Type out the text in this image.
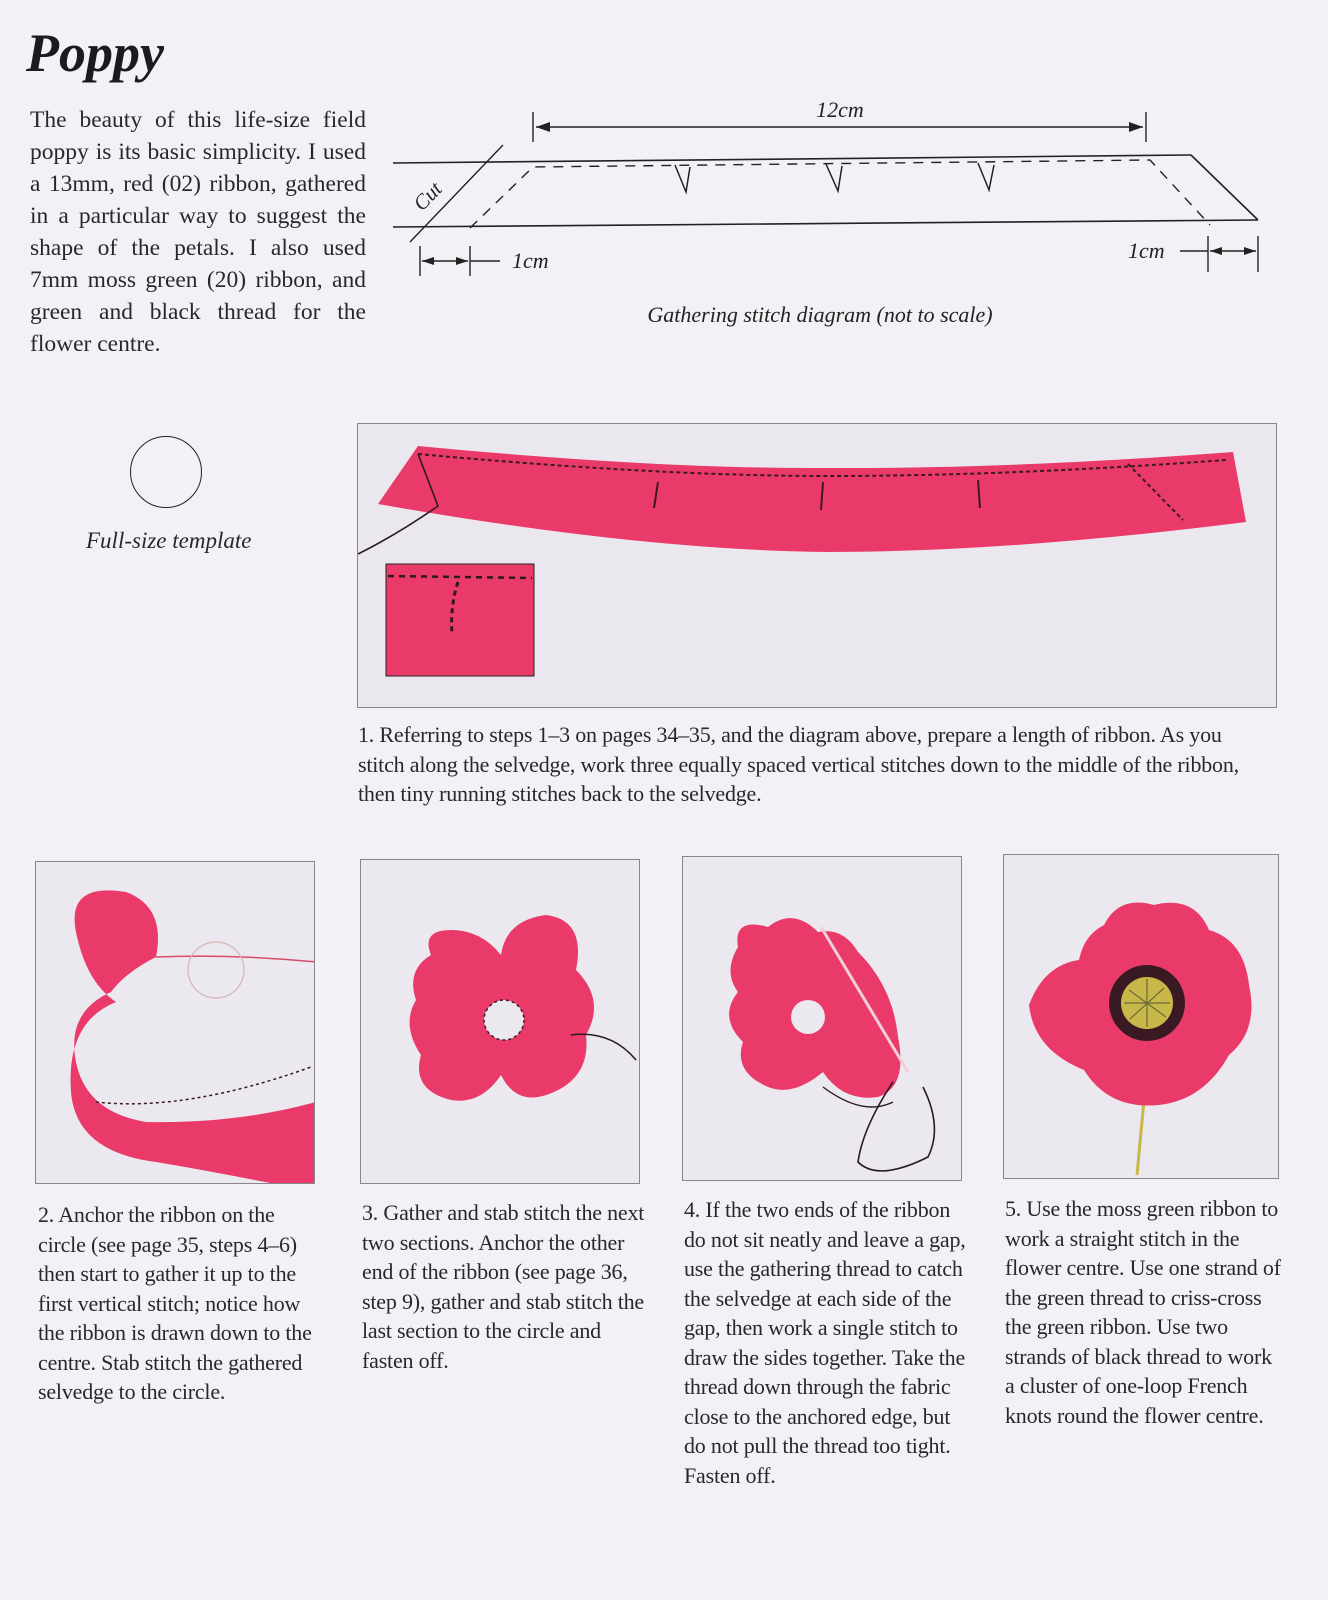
Poppy

The beauty of this life-size field poppy is its basic simplicity. I used a 13mm, red (02) ribbon, gathered in a particular way to suggest the shape of the petals. I also used 7mm moss green (20) ribbon, and green and black thread for the flower centre.

12cm
Cut
1cm	1cm
Gathering stitch diagram (not to scale)
Full-size template

1. Referring to steps 1–3 on pages 34–35, and the diagram above, prepare a length of ribbon. As you stitch along the selvedge, work three equally spaced vertical stitches down to the middle of the ribbon, then tiny running stitches back to the selvedge.

2. Anchor the ribbon on the circle (see page 35, steps 4–6) then start to gather it up to the first vertical stitch; notice how the ribbon is drawn down to the centre. Stab stitch the gathered selvedge to the circle.

3. Gather and stab stitch the next two sections. Anchor the other end of the ribbon (see page 36, step 9), gather and stab stitch the last section to the circle and fasten off.

4. If the two ends of the ribbon do not sit neatly and leave a gap, use the gathering thread to catch the selvedge at each side of the gap, then work a single stitch to draw the sides together. Take the thread down through the fabric close to the anchored edge, but do not pull the thread too tight. Fasten off.

5. Use the moss green ribbon to work a straight stitch in the flower centre. Use one strand of the green thread to criss-cross the green ribbon. Use two strands of black thread to work a cluster of one-loop French knots round the flower centre.
